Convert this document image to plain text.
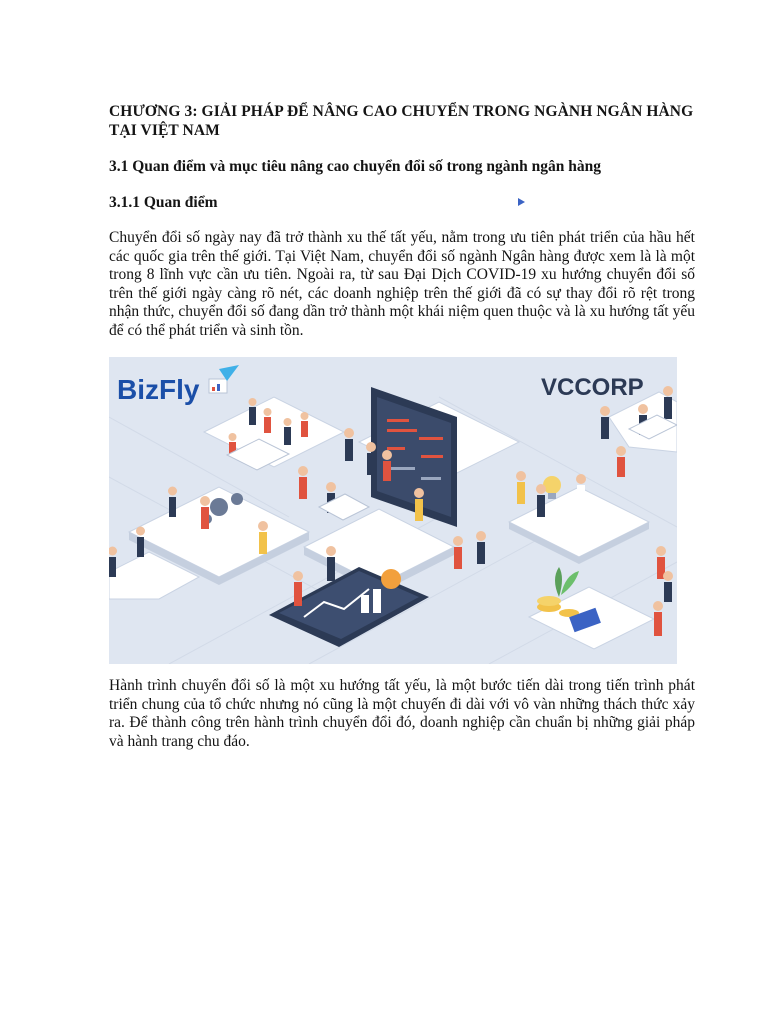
CHƯƠNG 3: GIẢI PHÁP ĐỂ NÂNG CAO CHUYỂN TRONG NGÀNH NGÂN HÀNG TẠI VIỆT NAM
3.1 Quan điểm và mục tiêu nâng cao chuyển đổi số trong ngành ngân hàng
3.1.1 Quan điểm

Chuyển đổi số ngày nay đã trở thành xu thế tất yếu, nằm trong ưu tiên phát triển của hầu hết các quốc gia trên thế giới. Tại Việt Nam, chuyển đổi số ngành Ngân hàng được xem là là một trong 8 lĩnh vực cần ưu tiên. Ngoài ra, từ sau Đại Dịch COVID-19 xu hướng chuyển đổi số trên thế giới ngày càng rõ nét, các doanh nghiệp trên thế giới đã có sự thay đổi rõ rệt trong nhận thức, chuyển đổi số đang dần trở thành một khái niệm quen thuộc và là xu hướng tất yếu để có thể phát triển và sinh tồn.

BizFly	VCCORP

Hành trình chuyển đổi số là một xu hướng tất yếu, là một bước tiến dài trong tiến trình phát triển chung của tổ chức nhưng nó cũng là một chuyến đi dài với vô vàn những thách thức xảy ra. Để thành công trên hành trình chuyển đổi đó, doanh nghiệp cần chuẩn bị những giải pháp và hành trang chu đáo.
